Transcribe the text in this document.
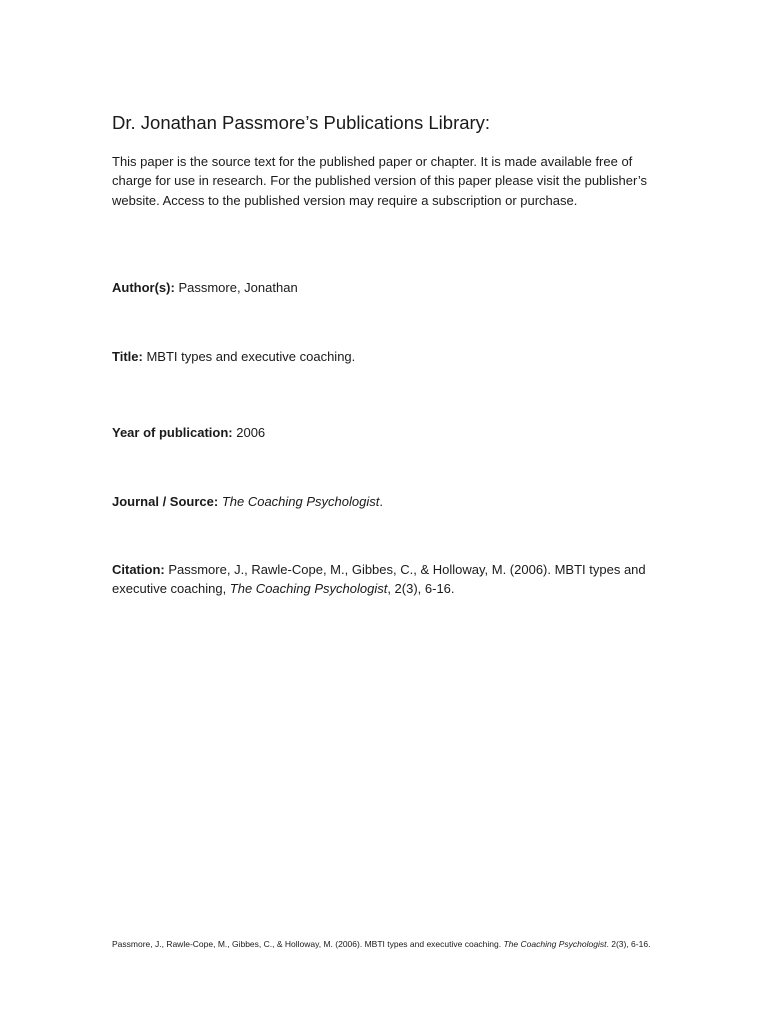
Dr. Jonathan Passmore’s Publications Library:
This paper is the source text for the published paper or chapter. It is made available free of charge for use in research. For the published version of this paper please visit the publisher’s website. Access to the published version may require a subscription or purchase.
Author(s): Passmore, Jonathan
Title: MBTI types and executive coaching.
Year of publication: 2006
Journal / Source: The Coaching Psychologist.
Citation: Passmore, J., Rawle-Cope, M., Gibbes, C., & Holloway, M. (2006). MBTI types and executive coaching, The Coaching Psychologist, 2(3), 6-16.
Passmore, J., Rawle-Cope, M., Gibbes, C., & Holloway, M. (2006). MBTI types and executive coaching. The Coaching Psychologist. 2(3), 6-16.
